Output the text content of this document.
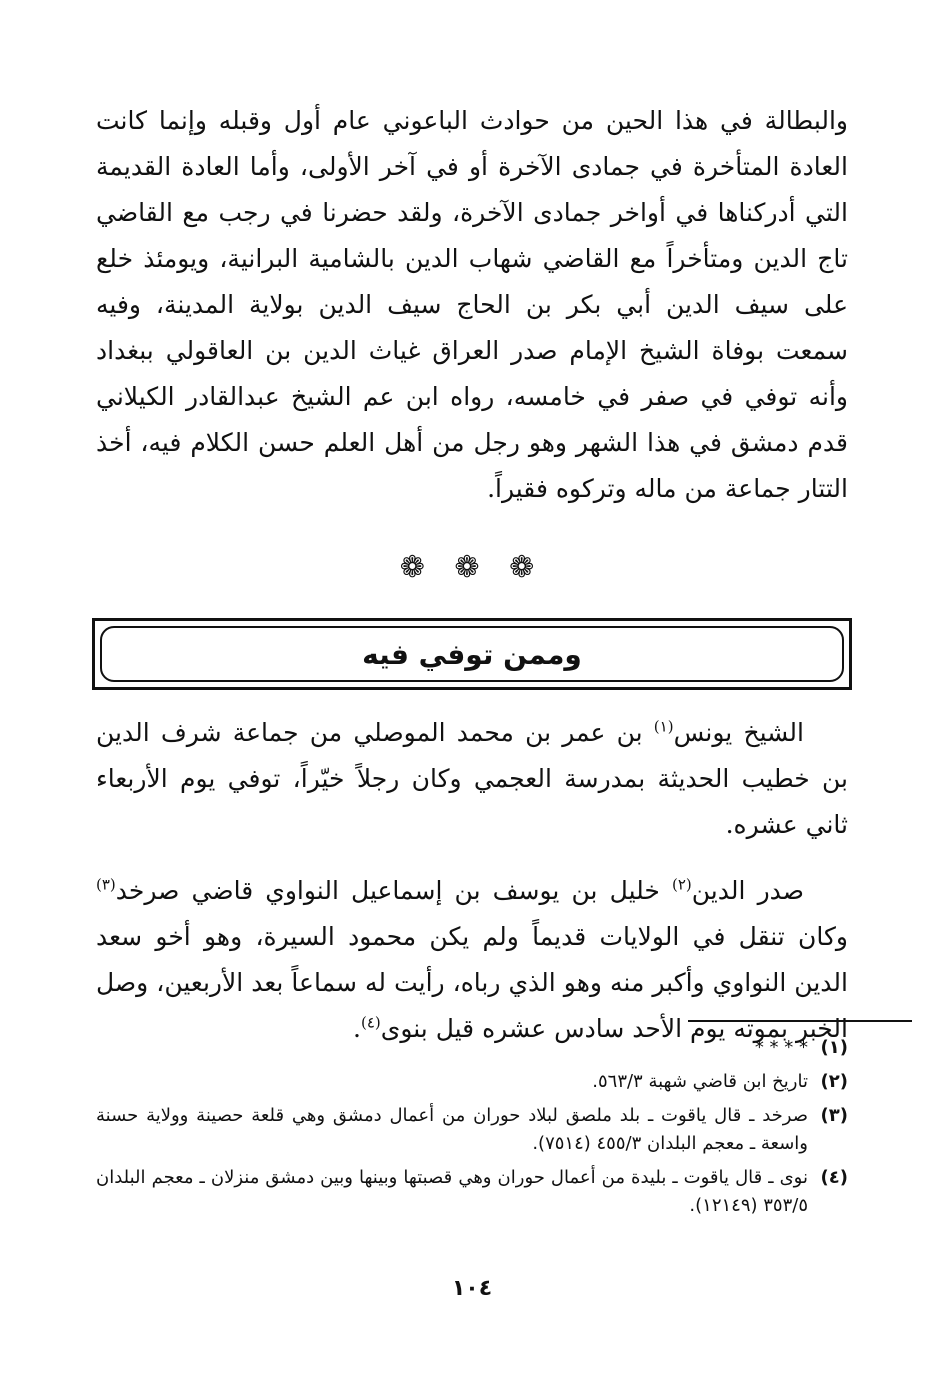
والبطالة في هذا الحين من حوادث الباعوني عام أول وقبله وإنما كانت العادة المتأخرة في جمادى الآخرة أو في آخر الأولى، وأما العادة القديمة التي أدركناها في أواخر جمادى الآخرة، ولقد حضرنا في رجب مع القاضي تاج الدين ومتأخراً مع القاضي شهاب الدين بالشامية البرانية، ويومئذ خلع على سيف الدين أبي بكر بن الحاج سيف الدين بولاية المدينة، وفيه سمعت بوفاة الشيخ الإمام صدر العراق غياث الدين بن العاقولي ببغداد وأنه توفي في صفر في خامسه، رواه ابن عم الشيخ عبدالقادر الكيلاني قدم دمشق في هذا الشهر وهو رجل من أهل العلم حسن الكلام فيه، أخذ التتار جماعة من ماله وتركوه فقيراً.

❁ ❁ ❁
وممن توفي فيه

الشيخ يونس$^{(١)}$ بن عمر بن محمد الموصلي من جماعة شرف الدين بن خطيب الحديثة بمدرسة العجمي وكان رجلاً خيّراً، توفي يوم الأربعاء ثاني عشره.

صدر الدين$^{(٢)}$ خليل بن يوسف بن إسماعيل النواوي قاضي صرخد$^{(٣)}$ وكان تنقل في الولايات قديماً ولم يكن محمود السيرة، وهو أخو سعد الدين النواوي وأكبر منه وهو الذي رباه، رأيت له سماعاً بعد الأربعين، وصل الخبر بموته يوم الأحد سادس عشره قيل بنوى$^{(٤)}$.

(١)
* * * *
(٢)
تاريخ ابن قاضي شهبة ٥٦٣/٣.
(٣)
صرخد ـ قال ياقوت ـ بلد ملصق لبلاد حوران من أعمال دمشق وهي قلعة حصينة وولاية حسنة واسعة ـ معجم البلدان ٤٥٥/٣ (٧٥١٤).
(٤)
نوى ـ قال ياقوت ـ بليدة من أعمال حوران وهي قصبتها وبينها وبين دمشق منزلان ـ معجم البلدان ٣٥٣/٥ (١٢١٤٩).
١٠٤
